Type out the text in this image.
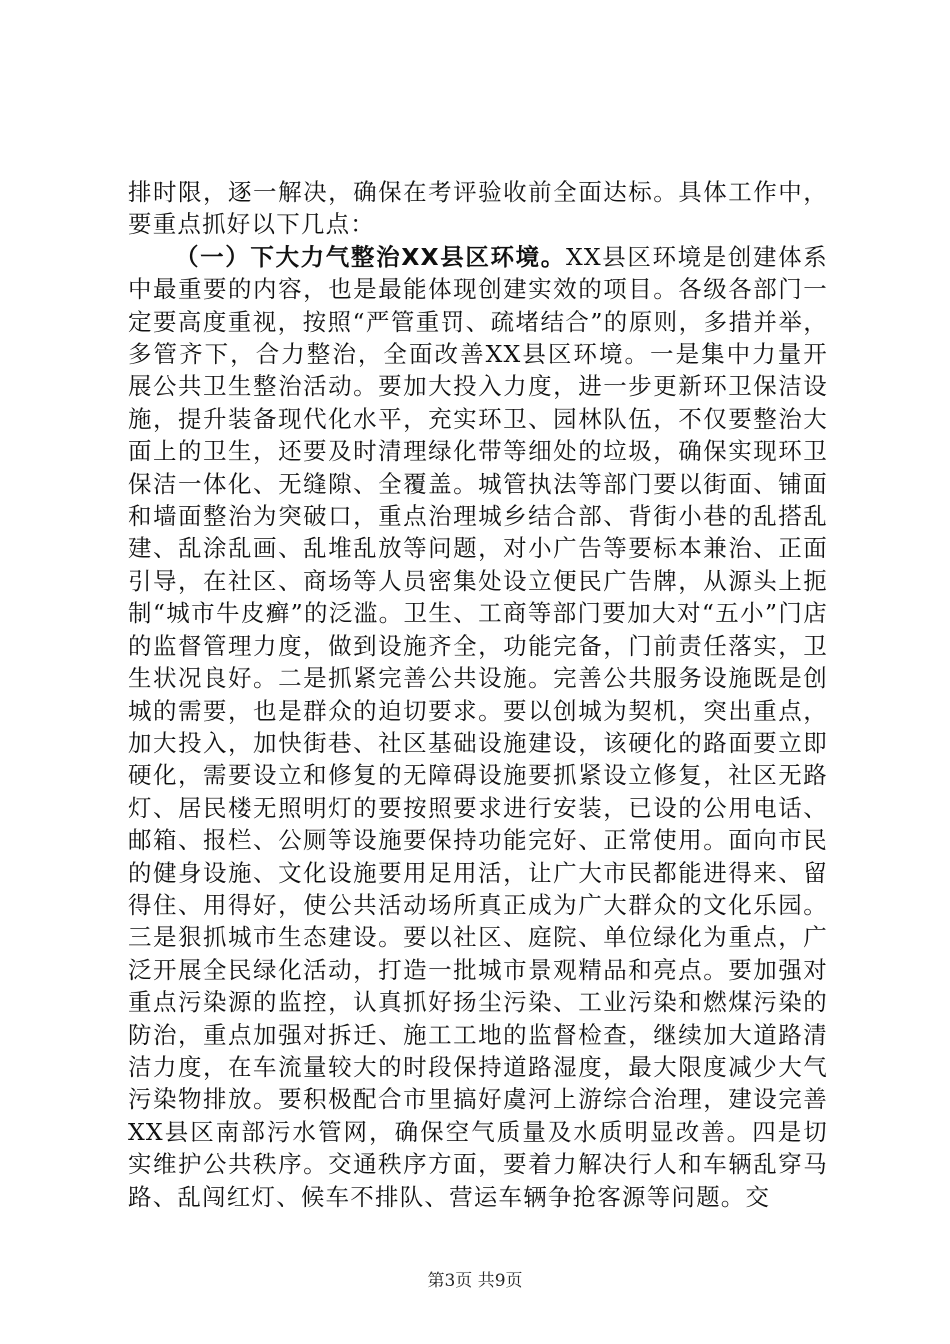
排时限，逐一解决，确保在考评验收前全面达标。具体工作中，要重点抓好以下几点：

（一）下大力气整治XX县区环境。XX县区环境是创建体系中最重要的内容，也是最能体现创建实效的项目。各级各部门一定要高度重视，按照“严管重罚、疏堵结合”的原则，多措并举，多管齐下，合力整治，全面改善XX县区环境。一是集中力量开展公共卫生整治活动。要加大投入力度，进一步更新环卫保洁设施，提升装备现代化水平，充实环卫、园林队伍，不仅要整治大面上的卫生，还要及时清理绿化带等细处的垃圾，确保实现环卫保洁一体化、无缝隙、全覆盖。城管执法等部门要以街面、铺面和墙面整治为突破口，重点治理城乡结合部、背街小巷的乱搭乱建、乱涂乱画、乱堆乱放等问题，对小广告等要标本兼治、正面引导，在社区、商场等人员密集处设立便民广告牌，从源头上扼制“城市牛皮癣”的泛滥。卫生、工商等部门要加大对“五小”门店的监督管理力度，做到设施齐全，功能完备，门前责任落实，卫生状况良好。二是抓紧完善公共设施。完善公共服务设施既是创城的需要，也是群众的迫切要求。要以创城为契机，突出重点，加大投入，加快街巷、社区基础设施建设，该硬化的路面要立即硬化，需要设立和修复的无障碍设施要抓紧设立修复，社区无路灯、居民楼无照明灯的要按照要求进行安装，已设的公用电话、邮箱、报栏、公厕等设施要保持功能完好、正常使用。面向市民的健身设施、文化设施要用足用活，让广大市民都能进得来、留得住、用得好，使公共活动场所真正成为广大群众的文化乐园。三是狠抓城市生态建设。要以社区、庭院、单位绿化为重点，广泛开展全民绿化活动，打造一批城市景观精品和亮点。要加强对重点污染源的监控，认真抓好扬尘污染、工业污染和燃煤污染的防治，重点加强对拆迁、施工工地的监督检查，继续加大道路清洁力度，在车流量较大的时段保持道路湿度，最大限度减少大气污染物排放。要积极配合市里搞好虞河上游综合治理，建设完善XX县区南部污水管网，确保空气质量及水质明显改善。四是切实维护公共秩序。交通秩序方面，要着力解决行人和车辆乱穿马路、乱闯红灯、候车不排队、营运车辆争抢客源等问题。交

第3页 共9页
